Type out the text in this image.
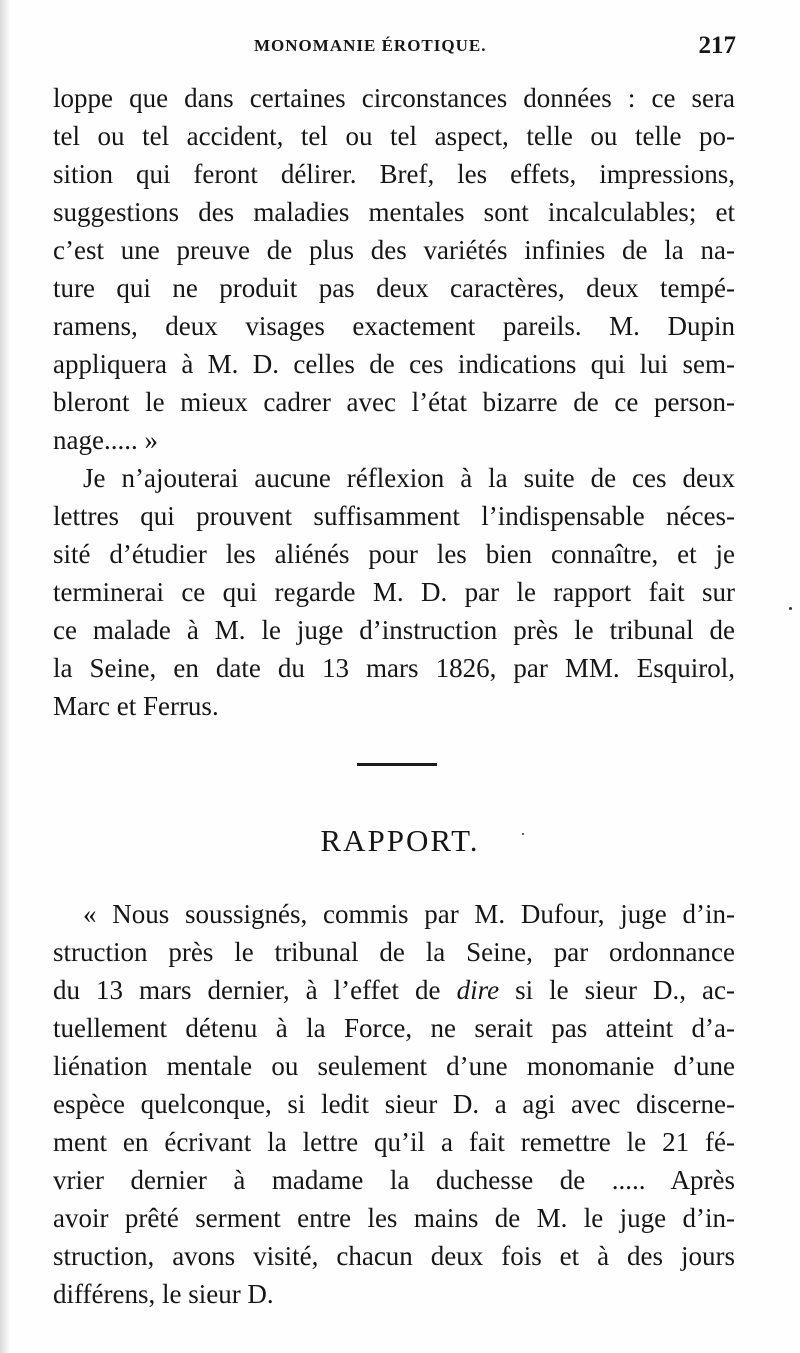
MONOMANIE ÉROTIQUE.	217
loppe que dans certaines circonstances données : ce sera
tel ou tel accident, tel ou tel aspect, telle ou telle po-
sition qui feront délirer. Bref, les effets, impressions,
suggestions des maladies mentales sont incalculables; et
c’est une preuve de plus des variétés infinies de la na-
ture qui ne produit pas deux caractères, deux tempé-
ramens, deux visages exactement pareils. M. Dupin
appliquera à M. D. celles de ces indications qui lui sem-
bleront le mieux cadrer avec l’état bizarre de ce person-
nage..... »
Je n’ajouterai aucune réflexion à la suite de ces deux
lettres qui prouvent suffisamment l’indispensable néces-
sité d’étudier les aliénés pour les bien connaître, et je
terminerai ce qui regarde M. D. par le rapport fait sur
ce malade à M. le juge d’instruction près le tribunal de
la Seine, en date du 13 mars 1826, par MM. Esquirol,
Marc et Ferrus.
RAPPORT.
« Nous soussignés, commis par M. Dufour, juge d’in-
struction près le tribunal de la Seine, par ordonnance
du 13 mars dernier, à l’effet de dire si le sieur D., ac-
tuellement détenu à la Force, ne serait pas atteint d’a-
liénation mentale ou seulement d’une monomanie d’une
espèce quelconque, si ledit sieur D. a agi avec discerne-
ment en écrivant la lettre qu’il a fait remettre le 21 fé-
vrier dernier à madame la duchesse de ..... Après
avoir prêté serment entre les mains de M. le juge d’in-
struction, avons visité, chacun deux fois et à des jours
différens, le sieur D.
